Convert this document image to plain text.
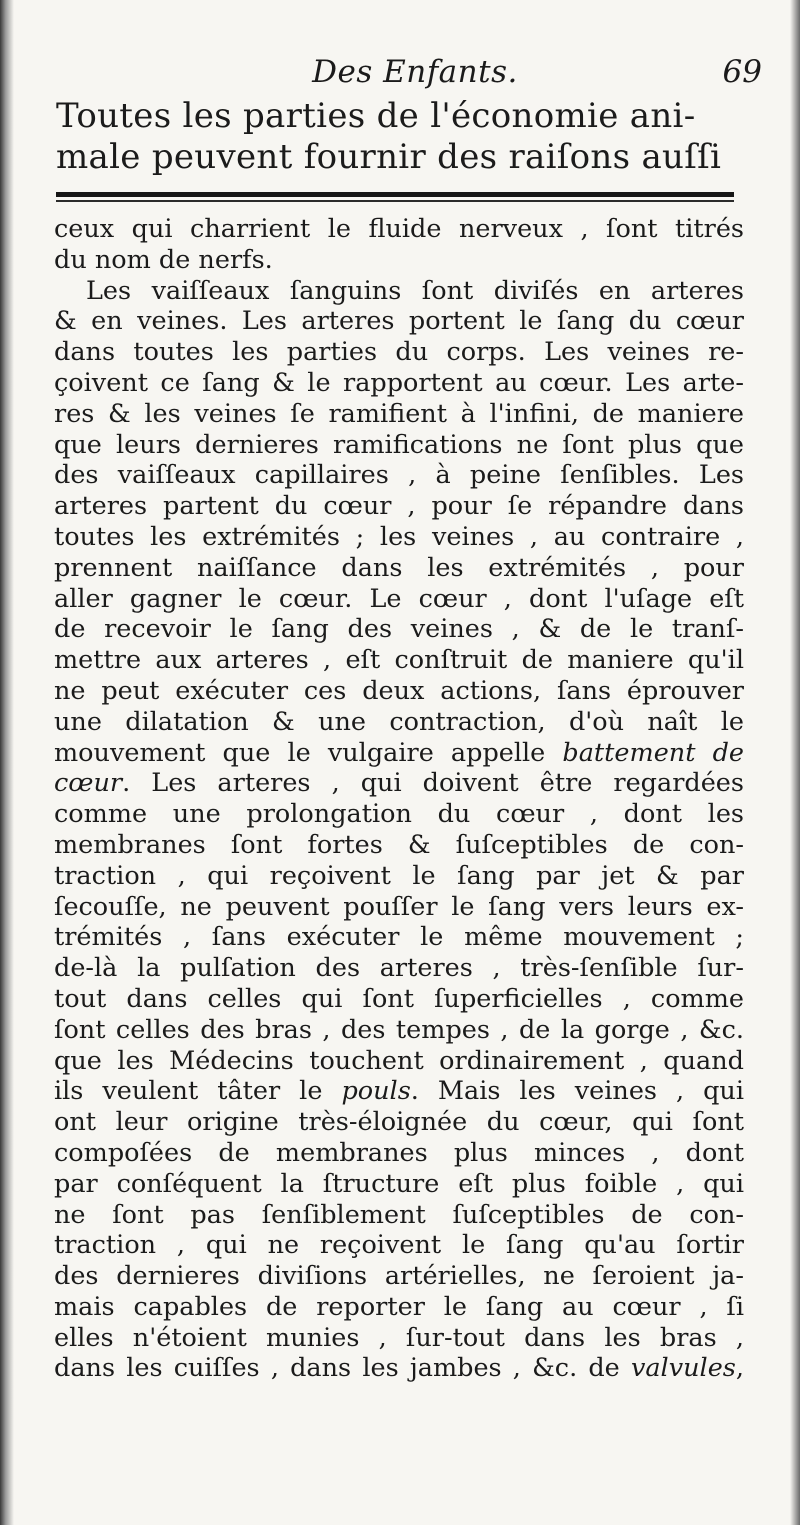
Des Enfants.	69
Toutes les parties de l'économie ani-
male peuvent fournir des raiſons auſſi
ceux qui charrient le fluide nerveux , ſont titrés
du nom de nerfs.
Les vaiſſeaux ſanguins ſont diviſés en arteres
& en veines. Les arteres portent le ſang du cœur
dans toutes les parties du corps. Les veines re-
çoivent ce ſang & le rapportent au cœur. Les arte-
res & les veines ſe ramifient à l'infini, de maniere
que leurs dernieres ramifications ne ſont plus que
des vaiſſeaux capillaires , à peine ſenſibles. Les
arteres partent du cœur , pour ſe répandre dans
toutes les extrémités ; les veines , au contraire ,
prennent naiſſance dans les extrémités , pour
aller gagner le cœur. Le cœur , dont l'uſage eſt
de recevoir le ſang des veines , & de le tranſ-
mettre aux arteres , eſt conſtruit de maniere qu'il
ne peut exécuter ces deux actions, ſans éprouver
une dilatation & une contraction, d'où naît le
mouvement que le vulgaire appelle battement de
cœur. Les arteres , qui doivent être regardées
comme une prolongation du cœur , dont les
membranes ſont fortes & ſuſceptibles de con-
traction , qui reçoivent le ſang par jet & par
ſecouſſe, ne peuvent pouſſer le ſang vers leurs ex-
trémités , ſans exécuter le même mouvement ;
de-là la pulſation des arteres , très-ſenſible ſur-
tout dans celles qui ſont ſuperficielles , comme
ſont celles des bras , des tempes , de la gorge , &c.
que les Médecins touchent ordinairement , quand
ils veulent tâter le pouls. Mais les veines , qui
ont leur origine très-éloignée du cœur, qui ſont
compoſées de membranes plus minces , dont
par conſéquent la ſtructure eſt plus foible , qui
ne ſont pas ſenſiblement ſuſceptibles de con-
traction , qui ne reçoivent le ſang qu'au ſortir
des dernieres diviſions artérielles, ne ſeroient ja-
mais capables de reporter le ſang au cœur , ſi
elles n'étoient munies , ſur-tout dans les bras ,
dans les cuiſſes , dans les jambes , &c. de valvules,
